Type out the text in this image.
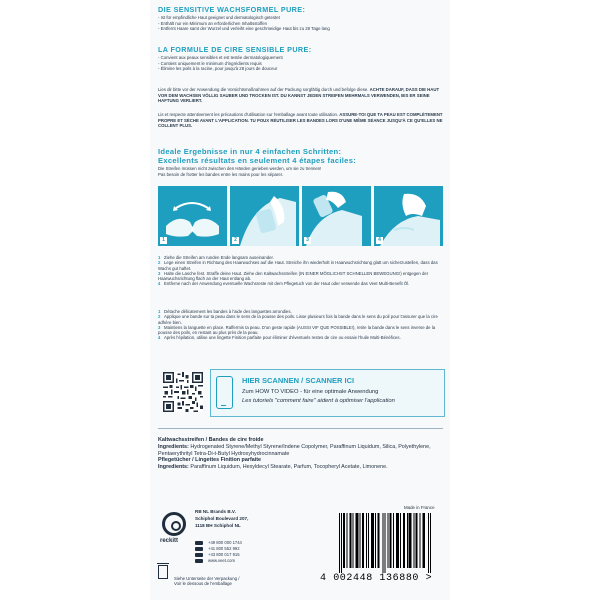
DIE SENSITIVE WACHSFORMEL PURE:
- Ist für empfindliche Haut geeignet und dermatologisch getestet
- Enthält nur ein Minimum an erforderlichen Inhaltsstoffen
- Entfernt Haare samt der Wurzel und verleiht eine geschmeidige Haut bis zu 28 Tage lang
LA FORMULE DE CIRE SENSIBLE PURE:
- Convient aux peaux sensibles et est testée dermatologiquement
- Contient uniquement le minimum d'ingrédients requis
- Élimine les poils à la racine, pour jusqu'à 28 jours de douceur
Lies dir bitte vor der Anwendung die Vorsichtsmaßnahmen auf der Packung sorgfältig durch und befolge diese. ACHTE DARAUF, DASS DIE HAUT VOR DEM WACHSEN VÖLLIG SAUBER UND TROCKEN IST. DU KANNST JEDEN STREIFEN MEHRMALS VERWENDEN, BIS ER SEINE HAFTUNG VERLIERT.
Lis et respecte attentivement les précautions d'utilisation sur l'emballage avant toute utilisation. ASSURE-TOI QUE TA PEAU EST COMPLÈTEMENT PROPRE ET SÈCHE AVANT L'APPLICATION. TU POUX RÉUTILISER LES BANDES LORS D'UNE MÊME SÉANCE JUSQU'À CE QU'ELLES NE COLLENT PLUS.
Ideale Ergebnisse in nur 4 einfachen Schritten:
Excellents résultats en seulement 4 étapes faciles:
Die Streifen müssen nicht zwischen den Händen gerieben werden, um sie zu trennen!
Pas besoin de frotter les bandes entre les mains pour les séparer.
1	2	3	4
1 Ziehe die Streifen am runden Ende langsam auseinander.
2 Lege einen Streifen in Richtung des Haarwuchses auf die Haut. Streiche ihn wiederholt in Haarwuchsrichtung glatt um sicherzustellen, dass das Wachs gut haftet.
3 Halte die Lasche fest. Straffe deine Haut. Ziehe den Kaltwachsstreifen (IN EINER MÖGLICHST SCHNELLEN BEWEGUNG!) entgegen der Haarwuchsrichtung flach an der Haut entlang ab.
4 Entferne nach der Anwendung eventuelle Wachsreste mit dem Pflegetuch von der Haut oder verwende das Veet Multi-Benefit Öl.
1 Détache délicatement les bandes à l'aide des languettes arrondies.
2 Applique une bande sur ta peau dans le sens de la pousse des poils. Lisse plusieurs fois la bande dans le sens du poil pour t'assurer que la cire adhère bien.
3 Maintiens la languette en place. Raffermis ta peau. D'un geste rapide (AUSSI VIF QUE POSSIBLE!), retire la bande dans le sens inverse de la pousse des poils, en restant au plus près de la peau.
4 Après l'épilation, utilise une lingette Finition parfaite pour éliminer d'éventuels restes de cire ou essaie l'huile Multi-Bénéfices.
HIER SCANNEN / SCANNER ICI
Zum HOW TO VIDEO - für eine optimale Anwendung
Les tutoriels "comment faire" aident à optimiser l'application
Kaltwachsstreifen / Bandes de cire froide
Ingredients: Hydrogenated Styrene/Methyl Styrene/Indene Copolymer, Paraffinum Liquidum, Silica, Polyethylene, Pentaerythrityl Tetra-Di-t-Butyl Hydroxyhydrocinnamate
Pflegetücher / Lingettes Finition parfaite
Ingredients: Paraffinum Liquidum, Hexyldecyl Stearate, Parfum, Tocopheryl Acetate, Limonene.
Made in France
reckitt
RB NL Brands B.V.
Schiphol Boulevard 207,
1118 BH Schiphol NL
+49 800 000 1744
+41 800 552 992
+43 800 017 915
www.veet.com
Siehe Unterseite der Verpackung /
Voir le dessous de l'emballage	4 002448 136880 >
